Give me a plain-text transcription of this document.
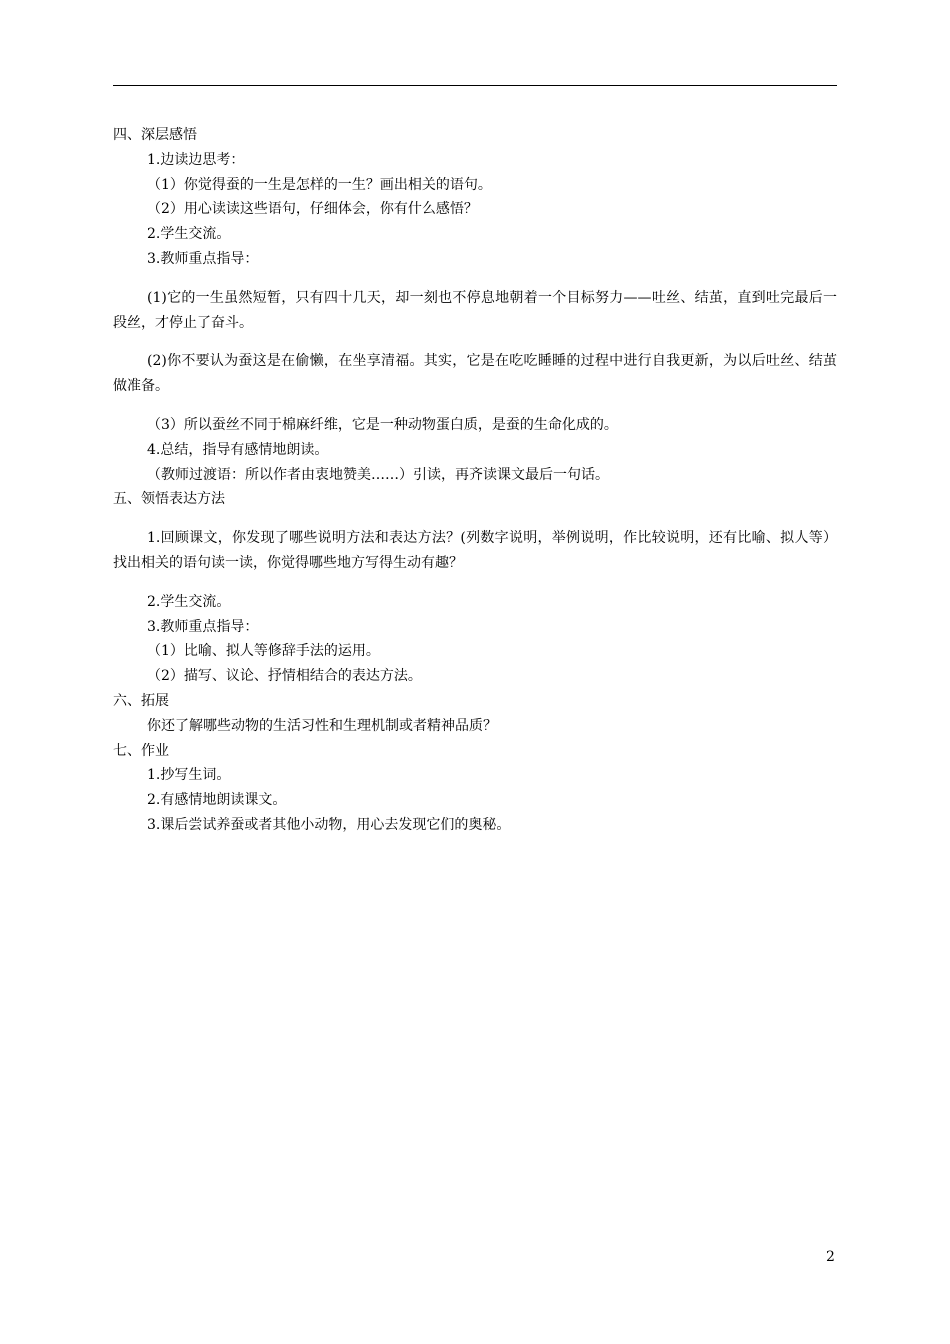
四、深层感悟

1.边读边思考：

（1）你觉得蚕的一生是怎样的一生？画出相关的语句。

（2）用心读读这些语句，仔细体会，你有什么感悟？

2.学生交流。

3.教师重点指导：

(1)它的一生虽然短暂，只有四十几天，却一刻也不停息地朝着一个目标努力——吐丝、结茧，直到吐完最后一段丝，才停止了奋斗。

(2)你不要认为蚕这是在偷懒，在坐享清福。其实，它是在吃吃睡睡的过程中进行自我更新，为以后吐丝、结茧做准备。

（3）所以蚕丝不同于棉麻纤维，它是一种动物蛋白质，是蚕的生命化成的。

4.总结，指导有感情地朗读。

（教师过渡语：所以作者由衷地赞美……）引读，再齐读课文最后一句话。

五、领悟表达方法

1.回顾课文，你发现了哪些说明方法和表达方法？(列数字说明，举例说明，作比较说明，还有比喻、拟人等）找出相关的语句读一读，你觉得哪些地方写得生动有趣？

2.学生交流。

3.教师重点指导：

（1）比喻、拟人等修辞手法的运用。

（2）描写、议论、抒情相结合的表达方法。

六、拓展

你还了解哪些动物的生活习性和生理机制或者精神品质？

七、作业

1.抄写生词。

2.有感情地朗读课文。

3.课后尝试养蚕或者其他小动物，用心去发现它们的奥秘。

2
